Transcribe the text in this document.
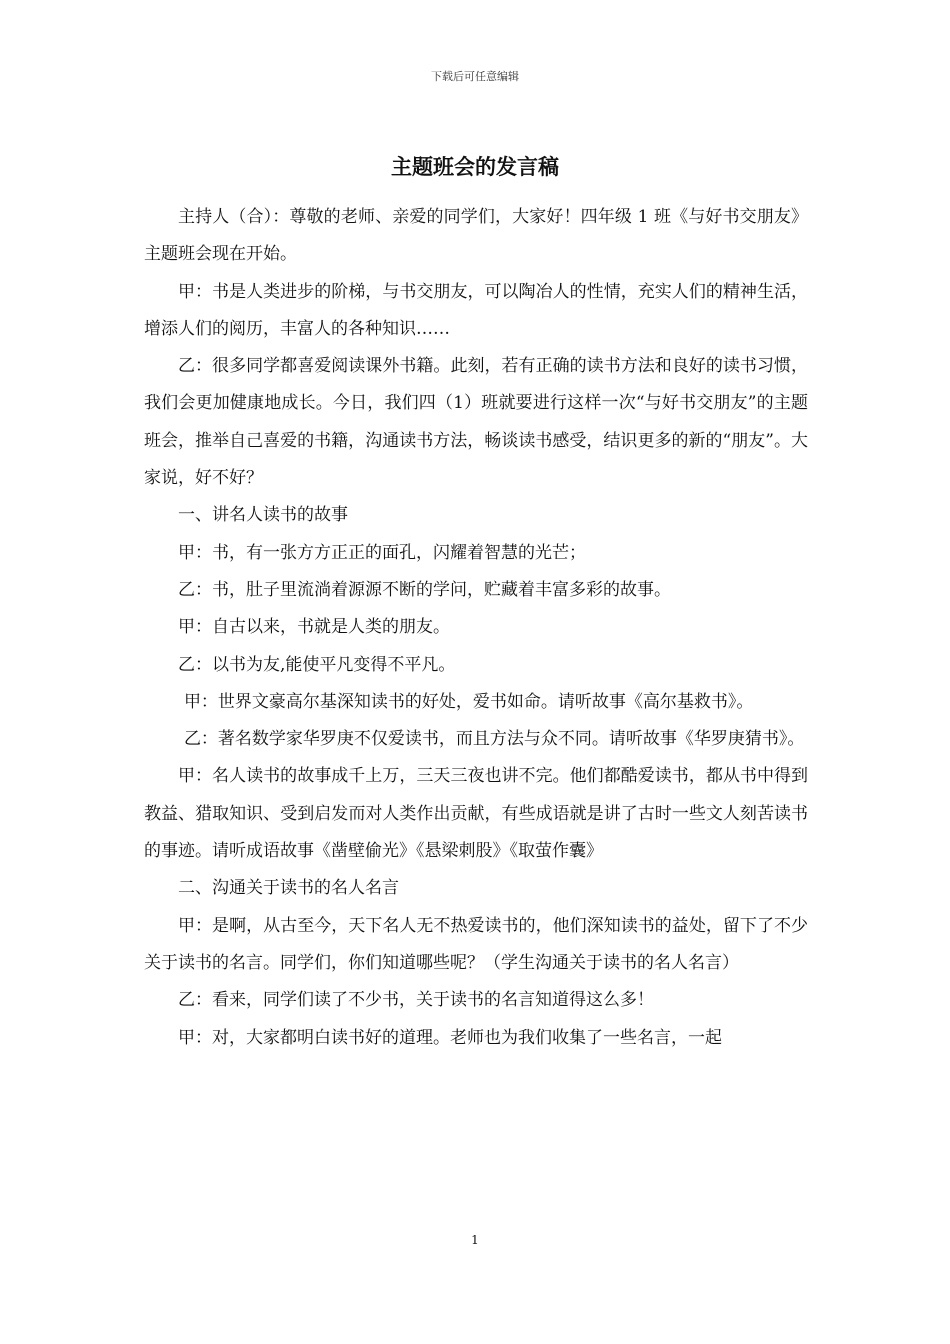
下载后可任意编辑
主题班会的发言稿

主持人（合）：尊敬的老师、亲爱的同学们，大家好！四年级 1 班《与好书交朋友》主题班会现在开始。

甲：书是人类进步的阶梯，与书交朋友，可以陶冶人的性情，充实人们的精神生活，增添人们的阅历，丰富人的各种知识……

乙：很多同学都喜爱阅读课外书籍。此刻，若有正确的读书方法和良好的读书习惯，我们会更加健康地成长。今日，我们四（1）班就要进行这样一次“与好书交朋友”的主题班会，推举自己喜爱的书籍，沟通读书方法，畅谈读书感受，结识更多的新的“朋友”。大家说，好不好？

一、讲名人读书的故事

甲：书，有一张方方正正的面孔，闪耀着智慧的光芒；

乙：书，肚子里流淌着源源不断的学问，贮藏着丰富多彩的故事。

甲：自古以来，书就是人类的朋友。

乙：以书为友,能使平凡变得不平凡。

甲：世界文豪高尔基深知读书的好处，爱书如命。请听故事《高尔基救书》。

乙：著名数学家华罗庚不仅爱读书，而且方法与众不同。请听故事《华罗庚猜书》。

甲：名人读书的故事成千上万，三天三夜也讲不完。他们都酷爱读书，都从书中得到教益、猎取知识、受到启发而对人类作出贡献，有些成语就是讲了古时一些文人刻苦读书的事迹。请听成语故事《凿壁偷光》《悬梁刺股》《取萤作囊》

二、沟通关于读书的名人名言

甲：是啊，从古至今，天下名人无不热爱读书的，他们深知读书的益处，留下了不少关于读书的名言。同学们，你们知道哪些呢？（学生沟通关于读书的名人名言）

乙：看来，同学们读了不少书，关于读书的名言知道得这么多！

甲：对，大家都明白读书好的道理。老师也为我们收集了一些名言，一起

1
